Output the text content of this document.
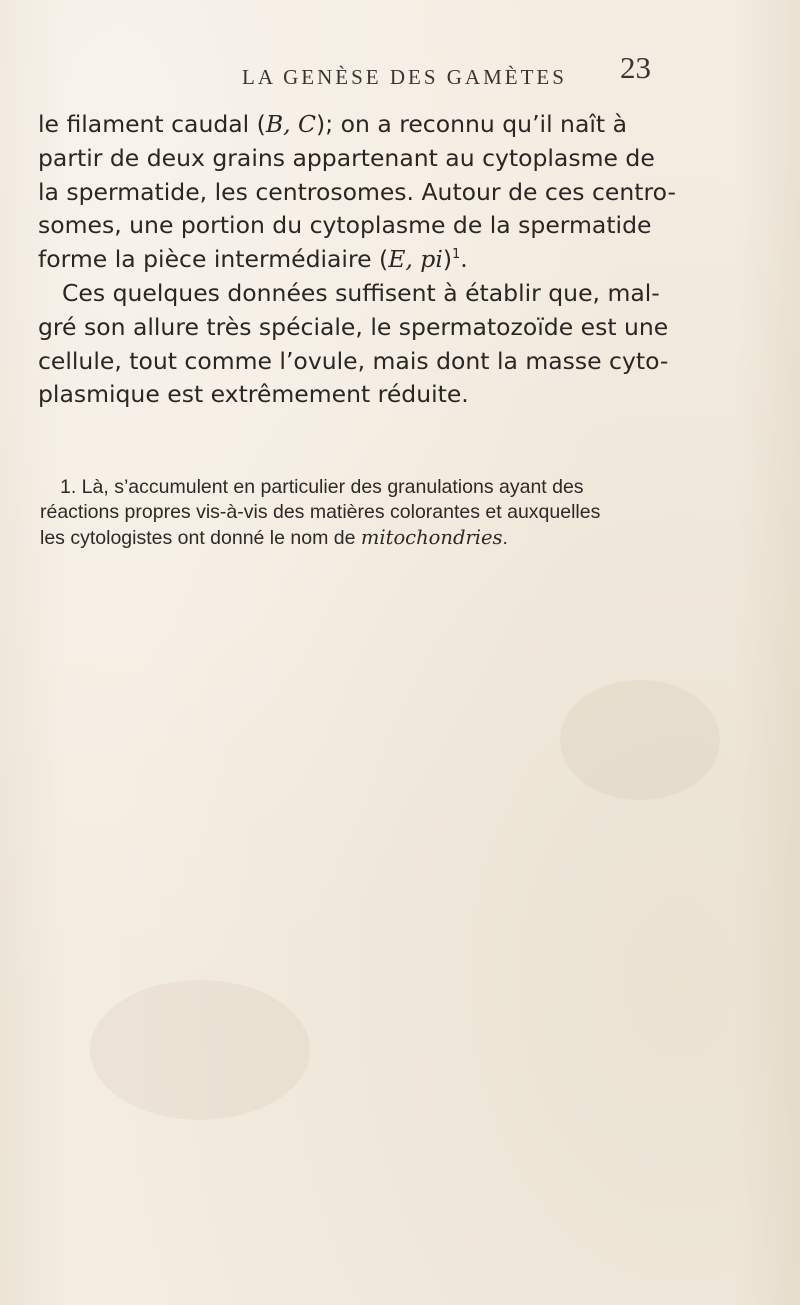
LA GENÈSE DES GAMÈTES 23
le filament caudal (B, C); on a reconnu qu’il naît à
partir de deux grains appartenant au cytoplasme de
la spermatide, les centrosomes. Autour de ces centro-
somes, une portion du cytoplasme de la spermatide
forme la pièce intermédiaire (E, pi)$^1$.
Ces quelques données suffisent à établir que, mal-
gré son allure très spéciale, le spermatozoïde est une
cellule, tout comme l’ovule, mais dont la masse cyto-
plasmique est extrêmement réduite.
1. Là, s’accumulent en particulier des granulations ayant des
réactions propres vis-à-vis des matières colorantes et auxquelles
les cytologistes ont donné le nom de mitochondries.
